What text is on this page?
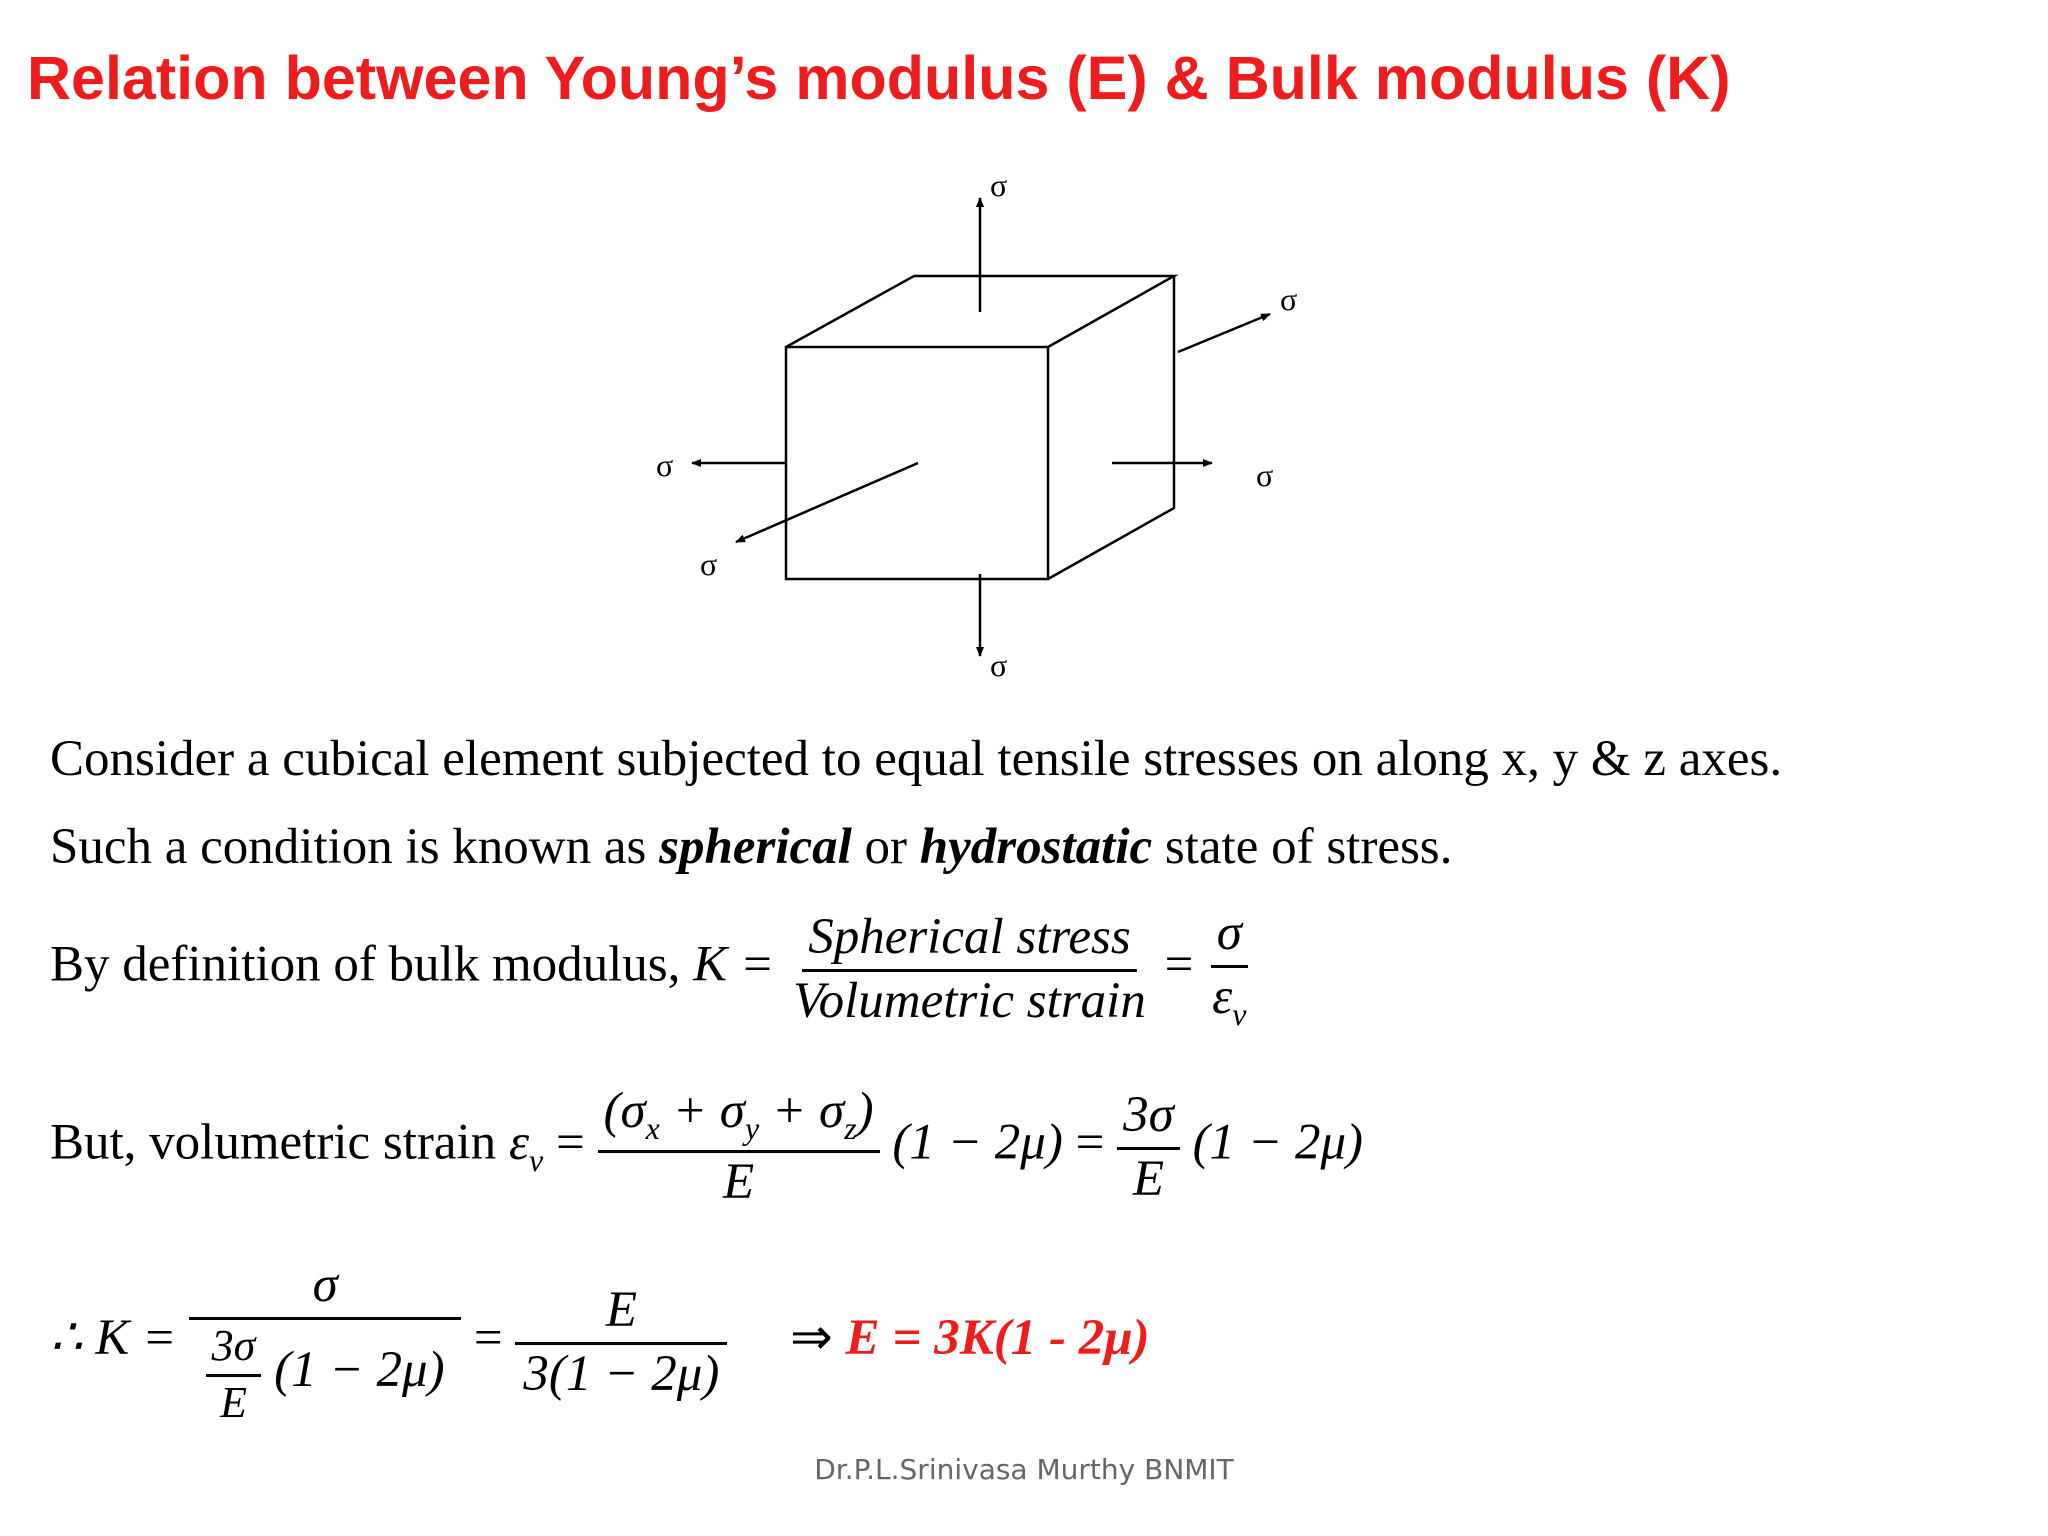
Relation between Young’s modulus (E) & Bulk modulus (K)
σ
σ
σ	σ
σ
σ
Consider a cubical element subjected to equal tensile stresses on along x, y & z axes.
Such a condition is known as spherical or hydrostatic state of stress.
By definition of bulk modulus, $K = \frac{\text{Spherical stress}}{\text{Volumetric strain}} = \frac{\sigma}{\varepsilon_v}$
But, volumetric strain $\varepsilon_v = \frac{(\sigma_x + \sigma_y + \sigma_z)}{E} (1 - 2\mu) = \frac{3\sigma}{E} (1 - 2\mu)$
∴ $K = \frac{\sigma}{\frac{3\sigma}{E} (1 - 2\mu)} = \frac{E}{3(1 - 2\mu)}$ ⇒ E = 3K(1 - 2μ)
Dr.P.L.Srinivasa Murthy BNMIT
